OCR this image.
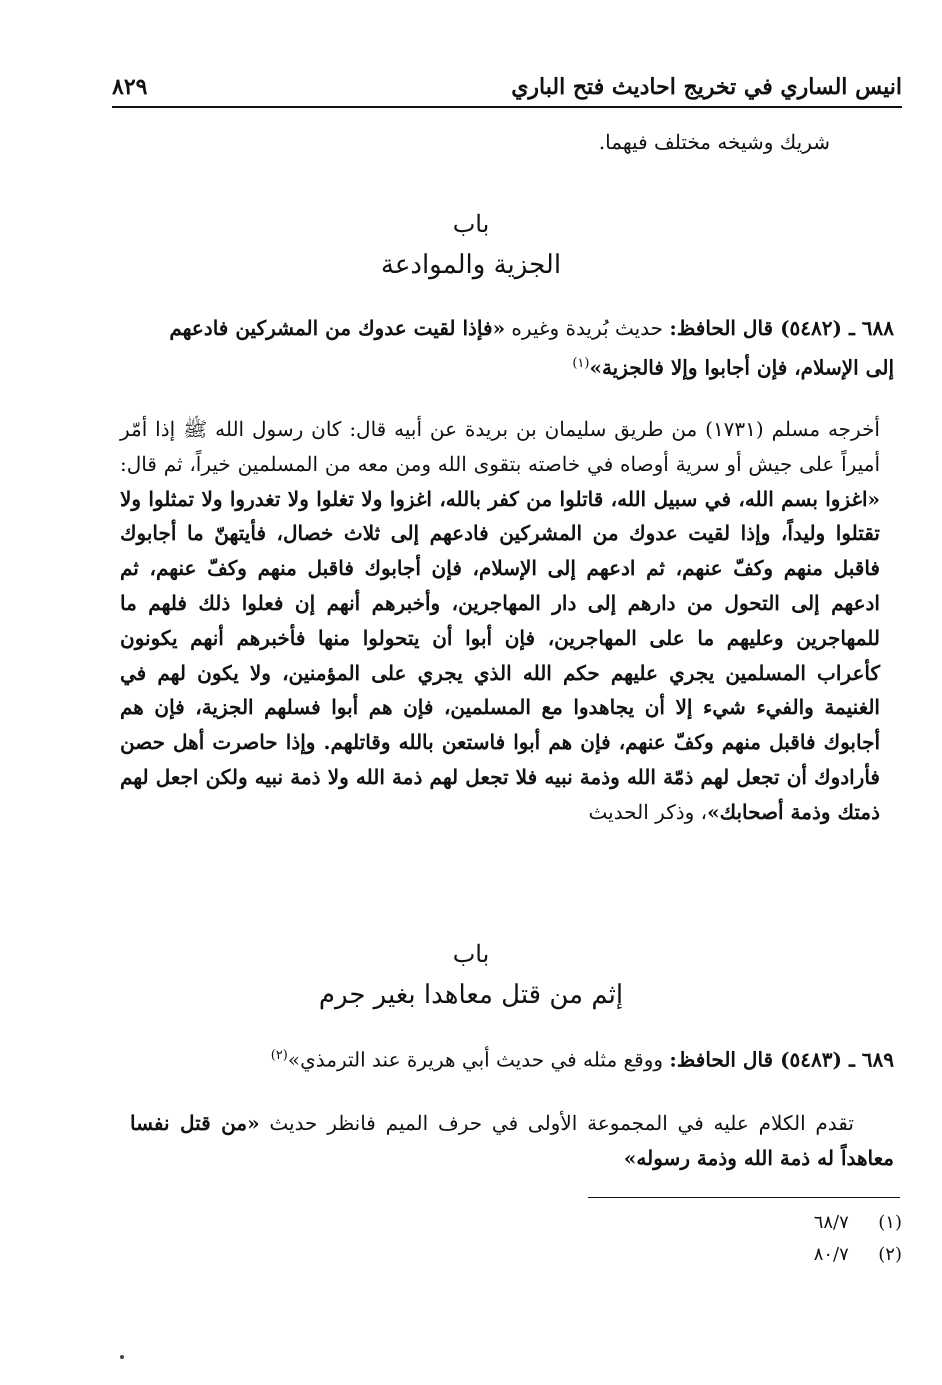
٨٢٩	انيس الساري في تخريج احاديث فتح الباري
شريك وشيخه مختلف فيهما.
باب
الجزية والموادعة
٦٨٨ ـ (٥٤٨٢) قال الحافظ: حديث بُريدة وغيره «فإذا لقيت عدوك من المشركين فادعهم
إلى الإسلام، فإن أجابوا وإلا فالجزية»$^{(١)}$
أخرجه مسلم (١٧٣١) من طريق سليمان بن بريدة عن أبيه قال: كان رسول الله ﷺ إذا أمّر أميراً على جيش أو سرية أوصاه في خاصته بتقوى الله ومن معه من المسلمين خيراً، ثم قال: «اغزوا بسم الله، في سبيل الله، قاتلوا من كفر بالله، اغزوا ولا تغلوا ولا تغدروا ولا تمثلوا ولا تقتلوا وليداً، وإذا لقيت عدوك من المشركين فادعهم إلى ثلاث خصال، فأيتهنّ ما أجابوك فاقبل منهم وكفّ عنهم، ثم ادعهم إلى الإسلام، فإن أجابوك فاقبل منهم وكفّ عنهم، ثم ادعهم إلى التحول من دارهم إلى دار المهاجرين، وأخبرهم أنهم إن فعلوا ذلك فلهم ما للمهاجرين وعليهم ما على المهاجرين، فإن أبوا أن يتحولوا منها فأخبرهم أنهم يكونون كأعراب المسلمين يجري عليهم حكم الله الذي يجري على المؤمنين، ولا يكون لهم في الغنيمة والفيء شيء إلا أن يجاهدوا مع المسلمين، فإن هم أبوا فسلهم الجزية، فإن هم أجابوك فاقبل منهم وكفّ عنهم، فإن هم أبوا فاستعن بالله وقاتلهم. وإذا حاصرت أهل حصن فأرادوك أن تجعل لهم ذمّة الله وذمة نبيه فلا تجعل لهم ذمة الله ولا ذمة نبيه ولكن اجعل لهم ذمتك وذمة أصحابك»، وذكر الحديث
باب
إثم من قتل معاهدا بغير جرم
٦٨٩ ـ (٥٤٨٣) قال الحافظ: ووقع مثله في حديث أبي هريرة عند الترمذي»$^{(٢)}$
تقدم الكلام عليه في المجموعة الأولى في حرف الميم فانظر حديث «من قتل نفسا معاهداً له ذمة الله وذمة رسوله»
(١)  ٦٨/٧
(٢)  ٨٠/٧
